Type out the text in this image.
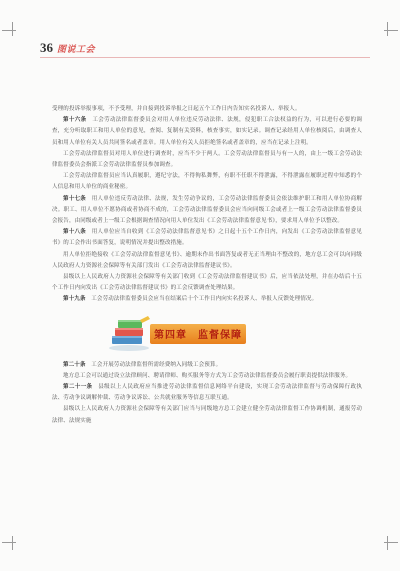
36 图说工会

受理的投诉举报事项，不予受理，并自接到投诉举报之日起五个工作日内告知实名投诉人、举报人。

第十六条　 工会劳动法律监督委员会对用人单位违反劳动法律、法规，侵犯职工合法权益的行为，可以进行必要的调查，充分听取职工和用人单位的意见，查阅、复制有关资料，核查事实，如实记录。调查记录经用人单位核阅后，由调查人员和用人单位有关人员共同签名或者盖章。用人单位有关人员拒绝签名或者盖章的，应当在记录上注明。

工会劳动法律监督员对用人单位进行调查时，应当不少于两人。工会劳动法律监督员与有一人的，由上一级工会劳动法律监督委员会指派工会劳动法律监督员参加调查。

工会劳动法律监督员应当认真履职，遵纪守法，不得徇私舞弊，有职不任职不得泄露，不得泄露在履职过程中知悉的个人信息和用人单位的商业秘密。

第十七条　 用人单位违反劳动法律、法规，发生劳动争议的，工会劳动法律监督委员会依法维护职工和用人单位协商解决。职工、用人单位不愿协商或者协商不成的，工会劳动法律监督委员会应当向同级工会或者上一级工会劳动法律监督委员会报告，由同级或者上一级工会根据调查情况向用人单位发出《工会劳动法律监督意见书》，要求用人单位予以整改。

第十八条　 用人单位应当自收到《工会劳动法律监督意见书》之日起十五个工作日内，向发出《工会劳动法律监督意见书》的工会作出书面答复，说明情况并提出整改措施。

用人单位拒绝接收《工会劳动法律监督意见书》、逾期未作出书面答复或者无正当理由不整改的，地方总工会可以向同级人民政府人力资源社会保障等有关部门发出《工会劳动法律监督建议书》。

县级以上人民政府人力资源社会保障等有关部门收到《工会劳动法律监督建议书》后，应当依法处理，并在办结后十五个工作日内向发出《工会劳动法律监督建议书》的工会反馈调查处理结果。

第十九条　 工会劳动法律监督委员会应当在结案后十个工作日内向实名投诉人、举报人反馈处理情况。

第四章　监督保障

第二十条　 工会开展劳动法律监督所需经费纳入同级工会预算。

地方总工会可以通过设立法律顾问、聘请律师、购买服务等方式为工会劳动法律监督委员会履行职责提供法律服务。

第二十一条　 县级以上人民政府应当推进劳动法律监督信息网络平台建设，实现工会劳动法律监督与劳动保障行政执法、劳动争议调解仲裁、劳动争议诉讼、公共就业服务等信息互联互通。

县级以上人民政府人力资源社会保障等有关部门应当与同级地方总工会建立健全劳动法律监督工作协调机制，通报劳动法律、法规实施
